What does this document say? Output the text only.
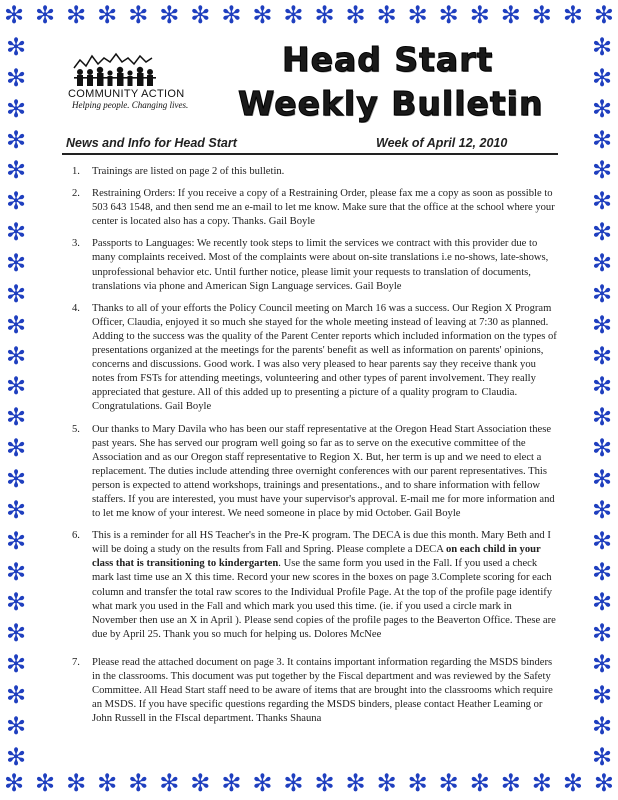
✻ ✻ ✻ ✻ ✻ ✻ ✻ ✻ ✻ ✻ ✻ ✻ ✻ ✻ ✻ ✻ ✻ ✻ ✻ ✻
✻ ✻ ✻ ✻ ✻ ✻ ✻ ✻ ✻ ✻ ✻ ✻ ✻ ✻ ✻ ✻ ✻ ✻ ✻ ✻
✻
✻
✻
✻
✻
✻
✻
✻
✻
✻
✻
✻
✻
✻
✻
✻
✻
✻
✻
✻
✻
✻
✻
✻
✻
✻
✻
✻
✻
✻
✻
✻
✻
✻
✻
✻
✻
✻
✻
✻
✻
✻
✻
✻
✻
✻
✻
✻
COMMUNITY ACTION
Helping people. Changing lives.
Head Start
Weekly Bulletin
News and Info for Head Start	Week of April 12, 2010
1. Trainings are listed on page 2 of this bulletin.
2. Restraining Orders: If you receive a copy of a Restraining Order, please fax me a copy as soon as possible to 503 643 1548, and then send me an e-mail to let me know. Make sure that the office at the school where your center is located also has a copy. Thanks. Gail Boyle
3. Passports to Languages: We recently took steps to limit the services we contract with this provider due to many complaints received. Most of the complaints were about on-site translations i.e no-shows, late-shows, unprofessional behavior etc. Until further notice, please limit your requests to translation of documents, translations via phone and American Sign Language services. Gail Boyle
4. Thanks to all of your efforts the Policy Council meeting on March 16 was a success. Our Region X Program Officer, Claudia, enjoyed it so much she stayed for the whole meeting instead of leaving at 7:30 as planned. Adding to the success was the quality of the Parent Center reports which included information on the types of presentations organized at the meetings for the parents' benefit as well as information on parents' opinions, concerns and discussions. Good work. I was also very pleased to hear parents say they receive thank you notes from FSTs for attending meetings, volunteering and other types of parent involvement. They really appreciated that gesture. All of this added up to presenting a picture of a quality program to Claudia. Congratulations. Gail Boyle
5. Our thanks to Mary Davila who has been our staff representative at the Oregon Head Start Association these past years. She has served our program well going so far as to serve on the executive committee of the Association and as our Oregon staff representative to Region X. But, her term is up and we need to elect a replacement. The duties include attending three overnight conferences with our parent representatives. This person is expected to attend workshops, trainings and presentations., and to share information with fellow staffers. If you are interested, you must have your supervisor's approval. E-mail me for more information and to let me know of your interest. We need someone in place by mid October. Gail Boyle
6. This is a reminder for all HS Teacher's in the Pre-K program. The DECA is due this month. Mary Beth and I will be doing a study on the results from Fall and Spring. Please complete a DECA on each child in your class that is transitioning to kindergarten. Use the same form you used in the Fall. If you used a check mark last time use an X this time. Record your new scores in the boxes on page 3.Complete scoring for each column and transfer the total raw scores to the Individual Profile Page. At the top of the profile page identify what mark you used in the Fall and which mark you used this time. (ie. if you used a circle mark in November then use an X in April ). Please send copies of the profile pages to the Beaverton Office. These are due by April 25. Thank you so much for helping us. Dolores McNee
7. Please read the attached document on page 3. It contains important information regarding the MSDS binders in the classrooms. This document was put together by the Fiscal department and was reviewed by the Safety Committee. All Head Start staff need to be aware of items that are brought into the classrooms which require an MSDS. If you have specific questions regarding the MSDS binders, please contact Heather Leaming or John Russell in the FIscal department. Thanks Shauna
